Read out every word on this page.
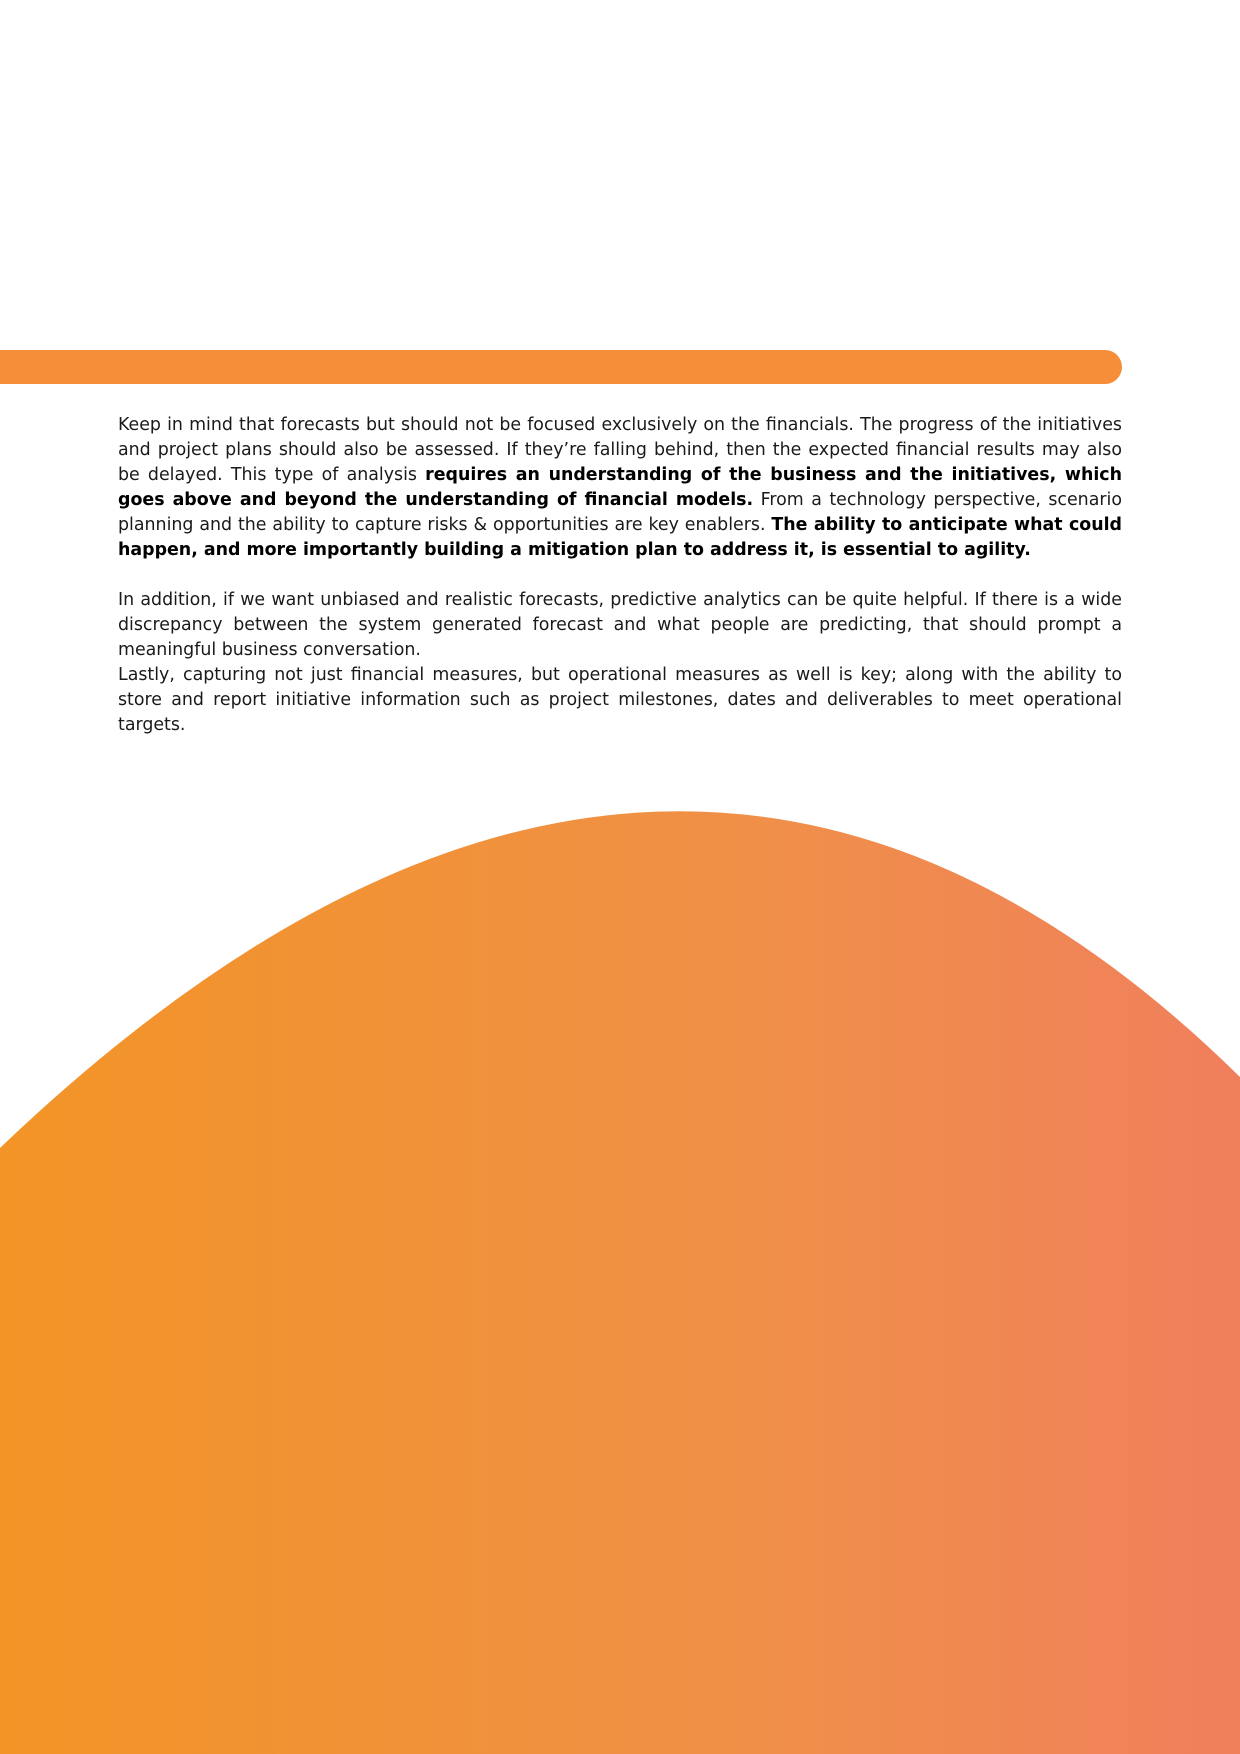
Keep in mind that forecasts but should not be focused exclusively on the financials. The progress of the initiatives and project plans should also be assessed. If they’re falling behind, then the expected financial results may also be delayed. This type of analysis requires an understanding of the business and the initiatives, which goes above and beyond the understanding of financial models. From a technology perspective, scenario planning and the ability to capture risks & opportunities are key enablers. The ability to anticipate what could happen, and more importantly building a mitigation plan to address it, is essential to agility.

In addition, if we want unbiased and realistic forecasts, predictive analytics can be quite helpful. If there is a wide discrepancy between the system generated forecast and what people are predicting, that should prompt a meaningful business conversation.

Lastly, capturing not just financial measures, but operational measures as well is key; along with the ability to store and report initiative information such as project milestones, dates and deliverables to meet operational targets.
